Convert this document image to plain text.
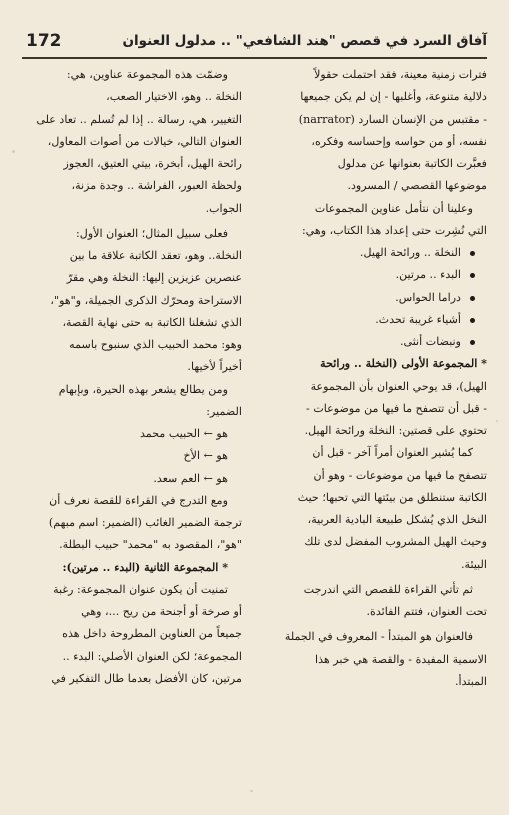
172	آفاق السرد في قصص "هند الشافعي" .. مدلول العنوان
فترات زمنية معينة، فقد احتملت حقولاً
دلالية متنوعة، وأغلبها - إن لم يكن جميعها
- مقتبس من الإنسان السارد (narrator)
نفسه، أو من حواسه وإحساسه وفكره،
فعبَّرت الكاتبة بعنوانها عن مدلول
موضوعها القصصي / المسرود.
وعلينا أن نتأمل عناوين المجموعات
التي نُشِرت حتى إعداد هذا الكتاب، وهي:
النخلة .. ورائحة الهيل.
البدء .. مرتين.
دراما الحواس.
أشياء غريبة تحدث.
ونبضات أنثى.
* المجموعة الأولى (النخلة .. ورائحة
الهيل)، قد يوحي العنوان بأن المجموعة
- قبل أن تتصفح ما فيها من موضوعات -
تحتوي على قصتين: النخلة ورائحة الهيل.
كما يُشير العنوان أمراً آخر - قبل أن
تتصفح ما فيها من موضوعات - وهو أن
الكاتبة ستنطلق من بيئتها التي تحبها؛ حيث
النخل الذي يُشكل طبيعة البادية العربية،
وحيث الهيل المشروب المفضل لدى تلك
البيئة.
ثم تأتي القراءة للقصص التي اندرجت
تحت العنوان، فتتم الفائدة.
فالعنوان هو المبتدأ - المعروف في الجملة
الاسمية المفيدة - والقصة هي خبر هذا
المبتدأ.
وضمّت هذه المجموعة عناوين، هي:
النخلة .. وهو، الاختيار الصعب،
التغيير، هي، رسالة .. إذا لم تُسلم .. تعاد على
العنوان التالي، خيالات من أصوات المعاول،
رائحة الهيل، أبخرة، بيتي العتيق، العجوز
ولحظة العبور، الفراشة .. وجدة مزنة،
الجواب.
فعلى سبيل المثال؛ العنوان الأول:
النخلة.. وهو، تعقد الكاتبة علاقة ما بين
عنصرين عزيزين إليها: النخلة وهي مقرّ
الاستراحة ومحرّك الذكرى الجميلة، و"هو"،
الذي تشغلنا الكاتبة به حتى نهاية القصة،
وهو: محمد الحبيب الذي سنبوح باسمه
أخيراً لأخيها.
ومن يطالع يشعر بهذه الحيرة، وبإبهام
الضمير:
هو ← الحبيب محمد
هو ← الأخ
هو ← العم سعد.
ومع التدرج في القراءة للقصة نعرف أن
ترجمة الضمير الغائب (الضمير: اسم مبهم)
"هو"، المقصود به "محمد" حبيب البطلة.
* المجموعة الثانية (البدء .. مرتين):
تمنيت أن يكون عنوان المجموعة: رغبة
أو صرخة أو أجنحة من ريح ...، وهي
جميعاً من العناوين المطروحة داخل هذه
المجموعة؛ لكن العنوان الأصلي: البدء ..
مرتين، كان الأفضل بعدما طال التفكير في
